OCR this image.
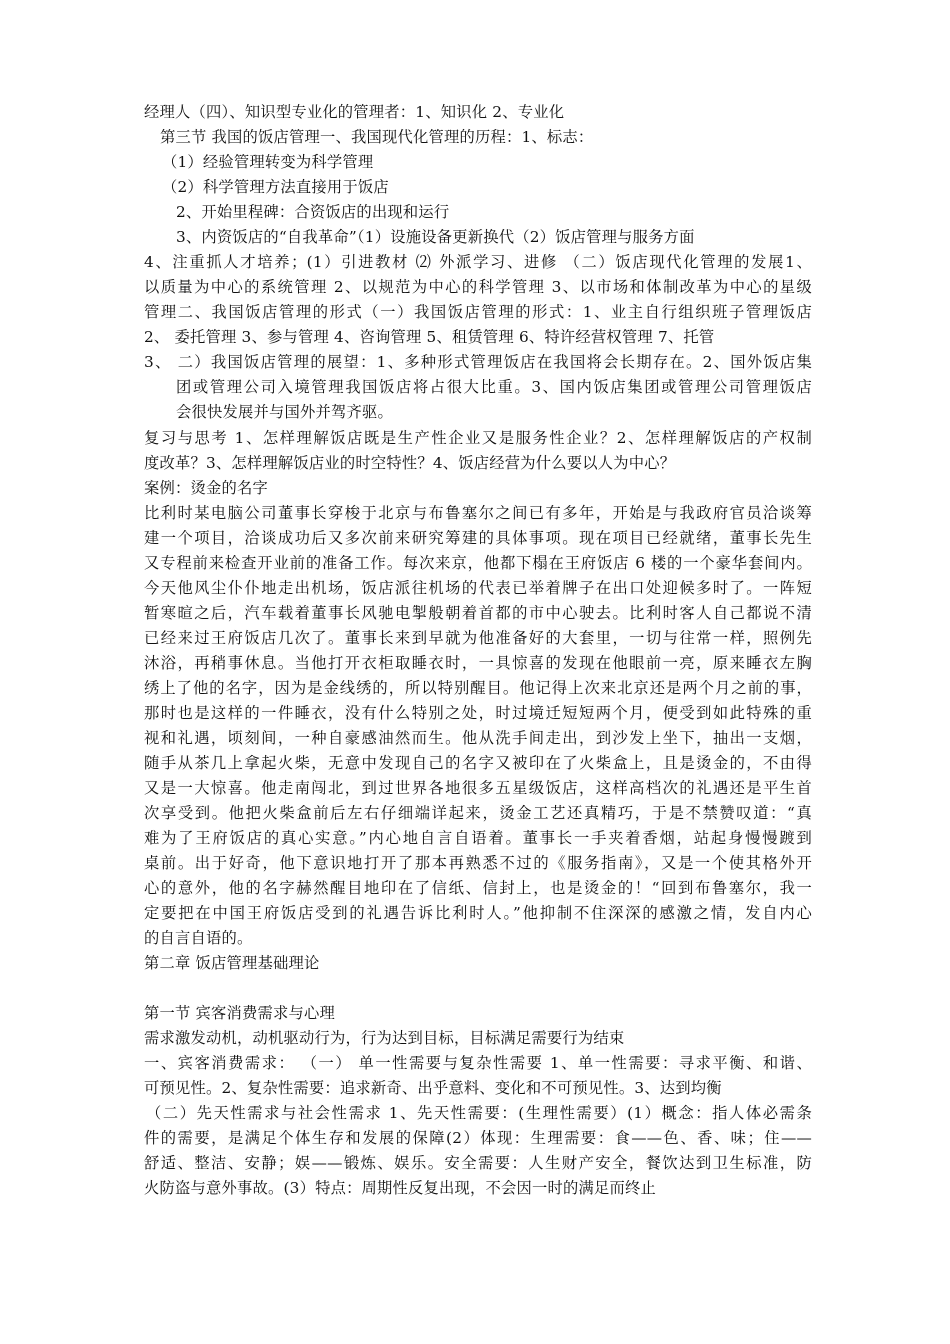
经理人（四）、知识型专业化的管理者：1、知识化 2、专业化
第三节 我国的饭店管理一、我国现代化管理的历程：1、标志：
（1）经验管理转变为科学管理
（2）科学管理方法直接用于饭店
2、开始里程碑：合资饭店的出现和运行
3、内资饭店的“自我革命”（1）设施设备更新换代（2）饭店管理与服务方面
4、注重抓人才培养；(1）引进教材 ⑵ 外派学习、进修 （二）饭店现代化管理的发展1、
以质量为中心的系统管理 2、以规范为中心的科学管理 3、以市场和体制改革为中心的星级
管理二、我国饭店管理的形式（一）我国饭店管理的形式：1、业主自行组织班子管理饭店
2、 委托管理 3、参与管理 4、咨询管理 5、租赁管理 6、特许经营权管理 7、托管
3、 二）我国饭店管理的展望：1、多种形式管理饭店在我国将会长期存在。2、国外饭店集
团或管理公司入境管理我国饭店将占很大比重。3、国内饭店集团或管理公司管理饭店
会很快发展并与国外并驾齐驱。
复习与思考 1、怎样理解饭店既是生产性企业又是服务性企业？2、怎样理解饭店的产权制
度改革？3、怎样理解饭店业的时空特性？4、饭店经营为什么要以人为中心？
案例：烫金的名字
比利时某电脑公司董事长穿梭于北京与布鲁塞尔之间已有多年，开始是与我政府官员洽谈筹
建一个项目，洽谈成功后又多次前来研究筹建的具体事项。现在项目已经就绪，董事长先生
又专程前来检查开业前的准备工作。每次来京，他都下榻在王府饭店 6 楼的一个豪华套间内。
今天他风尘仆仆地走出机场，饭店派往机场的代表已举着牌子在出口处迎候多时了。一阵短
暂寒暄之后，汽车载着董事长风驰电掣般朝着首都的市中心驶去。比利时客人自己都说不清
已经来过王府饭店几次了。董事长来到早就为他准备好的大套里，一切与往常一样，照例先
沐浴，再稍事休息。当他打开衣柜取睡衣时，一具惊喜的发现在他眼前一亮，原来睡衣左胸
绣上了他的名字，因为是金线绣的，所以特别醒目。他记得上次来北京还是两个月之前的事，
那时也是这样的一件睡衣，没有什么特别之处，时过境迁短短两个月，便受到如此特殊的重
视和礼遇，顷刻间，一种自豪感油然而生。他从洗手间走出，到沙发上坐下，抽出一支烟，
随手从茶几上拿起火柴，无意中发现自己的名字又被印在了火柴盒上，且是烫金的，不由得
又是一大惊喜。他走南闯北，到过世界各地很多五星级饭店，这样高档次的礼遇还是平生首
次享受到。他把火柴盒前后左右仔细端详起来，烫金工艺还真精巧，于是不禁赞叹道：“真
难为了王府饭店的真心实意。”内心地自言自语着。董事长一手夹着香烟，站起身慢慢踱到
桌前。出于好奇，他下意识地打开了那本再熟悉不过的《服务指南》，又是一个使其格外开
心的意外，他的名字赫然醒目地印在了信纸、信封上，也是烫金的！“回到布鲁塞尔，我一
定要把在中国王府饭店受到的礼遇告诉比利时人。”他抑制不住深深的感激之情，发自内心
的自言自语的。
第二章 饭店管理基础理论
第一节 宾客消费需求与心理
需求激发动机，动机驱动行为，行为达到目标，目标满足需要行为结束
一、宾客消费需求： （一） 单一性需要与复杂性需要 1、单一性需要：寻求平衡、和谐、
可预见性。2、复杂性需要：追求新奇、出乎意料、变化和不可预见性。3、达到均衡
（二）先天性需求与社会性需求 1、先天性需要：(生理性需要）(1）概念：指人体必需条
件的需要，是满足个体生存和发展的保障(2）体现：生理需要：食——色、香、味；住——
舒适、整洁、安静；娱——锻炼、娱乐。安全需要：人生财产安全，餐饮达到卫生标准，防
火防盗与意外事故。(3）特点：周期性反复出现，不会因一时的满足而终止
